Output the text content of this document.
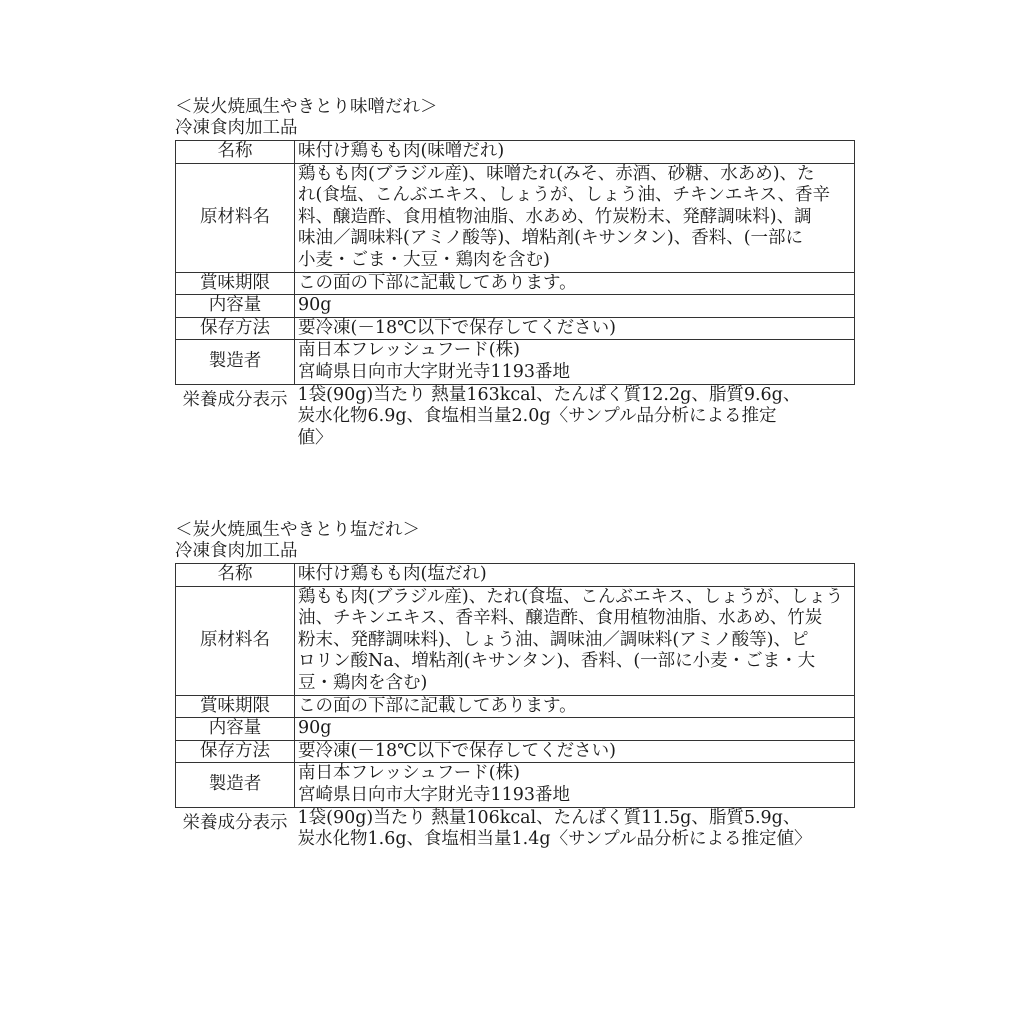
＜炭火焼風生やきとり味噌だれ＞
冷凍食肉加工品
名称	味付け鶏もも肉(味噌だれ)
原材料名	鶏もも肉(ブラジル産)、味噌たれ(みそ、赤酒、砂糖、水あめ)、た
れ(食塩、こんぶエキス、しょうが、しょう油、チキンエキス、香辛
料、醸造酢、食用植物油脂、水あめ、竹炭粉末、発酵調味料)、調
味油／調味料(アミノ酸等)、増粘剤(キサンタン)、香料、(一部に
小麦・ごま・大豆・鶏肉を含む)

賞味期限	この面の下部に記載してあります。
内容量	90g
保存方法	要冷凍(－18℃以下で保存してください)
製造者	南日本フレッシュフード(株)
宮崎県日向市大字財光寺1193番地

栄養成分表示	1袋(90g)当たり 熱量163kcal、たんぱく質12.2g、脂質9.6g、
炭水化物6.9g、食塩相当量2.0g〈サンプル品分析による推定
値〉
＜炭火焼風生やきとり塩だれ＞
冷凍食肉加工品
名称	味付け鶏もも肉(塩だれ)
原材料名	鶏もも肉(ブラジル産)、たれ(食塩、こんぶエキス、しょうが、しょう
油、チキンエキス、香辛料、醸造酢、食用植物油脂、水あめ、竹炭
粉末、発酵調味料)、しょう油、調味油／調味料(アミノ酸等)、ピ
ロリン酸Na、増粘剤(キサンタン)、香料、(一部に小麦・ごま・大
豆・鶏肉を含む)

賞味期限	この面の下部に記載してあります。
内容量	90g
保存方法	要冷凍(－18℃以下で保存してください)
製造者	南日本フレッシュフード(株)
宮崎県日向市大字財光寺1193番地

栄養成分表示	1袋(90g)当たり 熱量106kcal、たんぱく質11.5g、脂質5.9g、
炭水化物1.6g、食塩相当量1.4g〈サンプル品分析による推定値〉
